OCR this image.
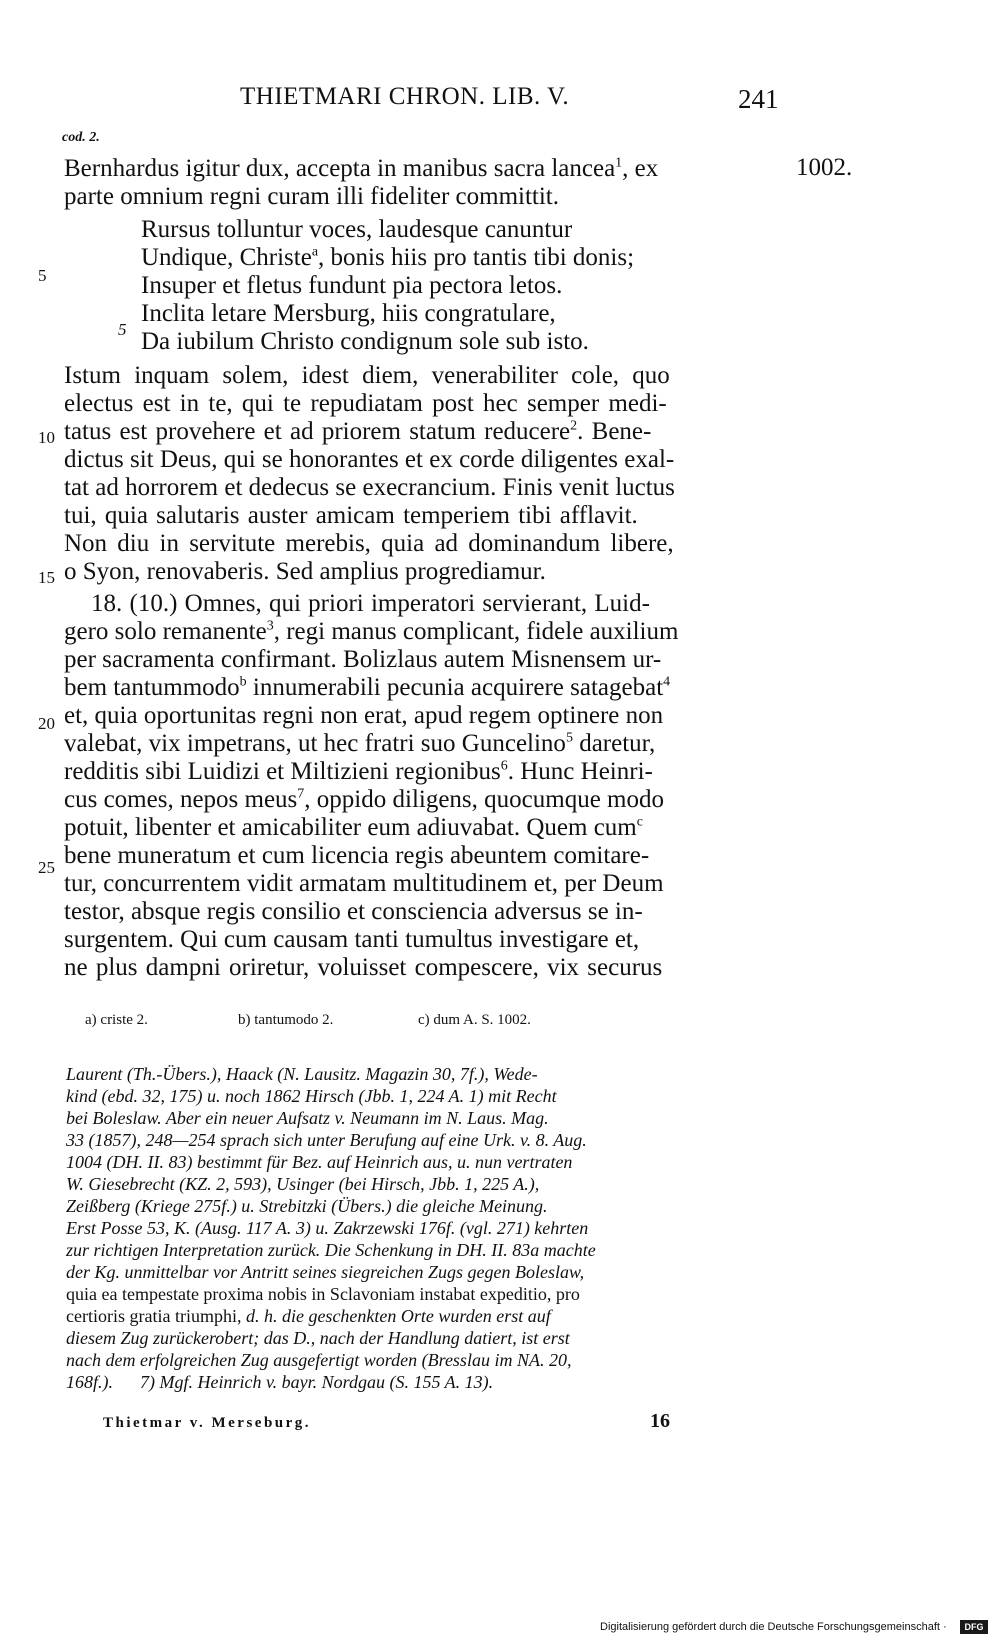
THIETMARI CHRON. LIB. V.	241
cod. 2.
1002.
5
5
10
15
20
25
Bernhardus igitur dux, accepta in manibus sacra lancea$^1$, ex
parte omnium regni curam illi fideliter committit.
Rursus tolluntur voces, laudesque canuntur
Undique, Christe$^a$, bonis hiis pro tantis tibi donis;
Insuper et fletus fundunt pia pectora letos.
Inclita letare Mersburg, hiis congratulare,
Da iubilum Christo condignum sole sub isto.
Istum inquam solem, idest diem, venerabiliter cole, quo
electus est in te, qui te repudiatam post hec semper medi-
tatus est provehere et ad priorem statum reducere$^2$. Bene-
dictus sit Deus, qui se honorantes et ex corde diligentes exal-
tat ad horrorem et dedecus se execrancium. Finis venit luctus
tui, quia salutaris auster amicam temperiem tibi afflavit.
Non diu in servitute merebis, quia ad dominandum libere,
o Syon, renovaberis. Sed amplius progrediamur.
18. (10.) Omnes, qui priori imperatori servierant, Luid-
gero solo remanente$^3$, regi manus complicant, fidele auxilium
per sacramenta confirmant. Bolizlaus autem Misnensem ur-
bem tantummodo$^b$ innumerabili pecunia acquirere satagebat$^4$
et, quia oportunitas regni non erat, apud regem optinere non
valebat, vix impetrans, ut hec fratri suo Guncelino$^5$ daretur,
redditis sibi Luidizi et Miltizieni regionibus$^6$. Hunc Heinri-
cus comes, nepos meus$^7$, oppido diligens, quocumque modo
potuit, libenter et amicabiliter eum adiuvabat. Quem cum$^c$
bene muneratum et cum licencia regis abeuntem comitare-
tur, concurrentem vidit armatam multitudinem et, per Deum
testor, absque regis consilio et consciencia adversus se in-
surgentem. Qui cum causam tanti tumultus investigare et,
ne plus dampni oriretur, voluisset compescere, vix securus
a) criste 2.	b) tantumodo 2.	c) dum A. S. 1002.
Laurent (Th.-Übers.), Haack (N. Lausitz. Magazin 30, 7f.), Wede-
kind (ebd. 32, 175) u. noch 1862 Hirsch (Jbb. 1, 224 A. 1) mit Recht
bei Boleslaw. Aber ein neuer Aufsatz v. Neumann im N. Laus. Mag.
33 (1857), 248—254 sprach sich unter Berufung auf eine Urk. v. 8. Aug.
1004 (DH. II. 83) bestimmt für Bez. auf Heinrich aus, u. nun vertraten
W. Giesebrecht (KZ. 2, 593), Usinger (bei Hirsch, Jbb. 1, 225 A.),
Zeißberg (Kriege 275f.) u. Strebitzki (Übers.) die gleiche Meinung.
Erst Posse 53, K. (Ausg. 117 A. 3) u. Zakrzewski 176f. (vgl. 271) kehrten
zur richtigen Interpretation zurück. Die Schenkung in DH. II. 83a machte
der Kg. unmittelbar vor Antritt seines siegreichen Zugs gegen Boleslaw,
quia ea tempestate proxima nobis in Sclavoniam instabat expeditio, pro
certioris gratia triumphi, d. h. die geschenkten Orte wurden erst auf
diesem Zug zurückerobert; das D., nach der Handlung datiert, ist erst
nach dem erfolgreichen Zug ausgefertigt worden (Bresslau im NA. 20,
168f.).      7) Mgf. Heinrich v. bayr. Nordgau (S. 155 A. 13).
Thietmar v. Merseburg.	16
Digitalisierung gefördert durch die Deutsche Forschungsgemeinschaft ·	DFG
